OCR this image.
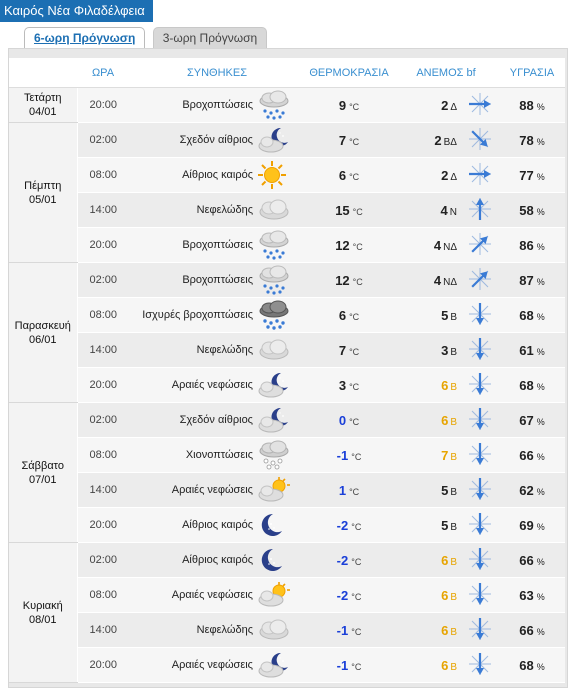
Καιρός Νέα Φιλαδέλφεια
6-ωρη Πρόγνωση 3-ωρη Πρόγνωση
	ΩΡΑ	ΣΥΝΘΗΚΕΣ		ΘΕΡΜΟΚΡΑΣΙΑ	ΑΝΕΜΟΣ bf		ΥΓΡΑΣΙΑ
Τετάρτη
04/01	20:00	Βροχοπτώσεις		9 °C	2 Δ		88 %
Πέμπτη
05/01	02:00	Σχεδόν αίθριος		7 °C	2 ΒΔ		78 %
	08:00	Αίθριος καιρός		6 °C	2 Δ		77 %
	14:00	Νεφελώδης		15 °C	4 Ν		58 %
	20:00	Βροχοπτώσεις		12 °C	4 ΝΔ		86 %
Παρασκευή
06/01	02:00	Βροχοπτώσεις		12 °C	4 ΝΔ		87 %
	08:00	Ισχυρές βροχοπτώσεις		6 °C	5 Β		68 %
	14:00	Νεφελώδης		7 °C	3 Β		61 %
	20:00	Αραιές νεφώσεις		3 °C	6 Β		68 %
Σάββατο
07/01	02:00	Σχεδόν αίθριος		0 °C	6 Β		67 %
	08:00	Χιονοπτώσεις		-1 °C	7 Β		66 %
	14:00	Αραιές νεφώσεις		1 °C	5 Β		62 %
	20:00	Αίθριος καιρός		-2 °C	5 Β		69 %
Κυριακή
08/01	02:00	Αίθριος καιρός		-2 °C	6 Β		66 %
	08:00	Αραιές νεφώσεις		-2 °C	6 Β		63 %
	14:00	Νεφελώδης		-1 °C	6 Β		66 %
	20:00	Αραιές νεφώσεις		-1 °C	6 Β		68 %
